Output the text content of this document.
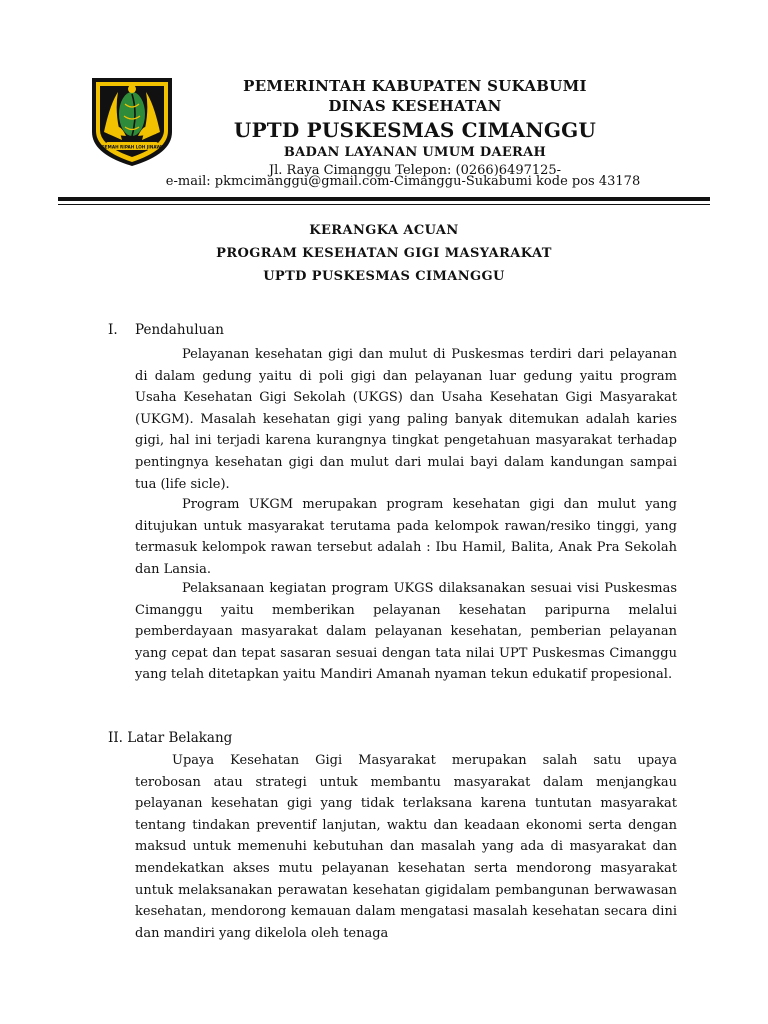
GEMAH RIPAH LOH JINAWI
PEMERINTAH KABUPATEN SUKABUMI
DINAS KESEHATAN
UPTD PUSKESMAS CIMANGGU
BADAN LAYANAN UMUM DAERAH
Jl. Raya Cimanggu Telepon: (0266)6497125-
e-mail: pkmcimanggu@gmail.com-Cimanggu-Sukabumi kode pos 43178
KERANGKA ACUAN
PROGRAM KESEHATAN GIGI MASYARAKAT
UPTD PUSKESMAS CIMANGGU
I. Pendahuluan

Pelayanan kesehatan gigi dan mulut di Puskesmas terdiri dari pelayanan di dalam gedung yaitu di poli gigi dan pelayanan luar gedung yaitu program Usaha Kesehatan Gigi Sekolah (UKGS) dan Usaha Kesehatan Gigi Masyarakat (UKGM). Masalah kesehatan gigi yang paling banyak ditemukan adalah karies gigi, hal ini terjadi karena kurangnya tingkat pengetahuan masyarakat terhadap pentingnya kesehatan gigi dan mulut dari mulai bayi dalam kandungan sampai tua (life sicle).

Program UKGM merupakan program kesehatan gigi dan mulut yang ditujukan untuk masyarakat terutama pada kelompok rawan/resiko tinggi, yang termasuk kelompok rawan tersebut adalah : Ibu Hamil, Balita, Anak Pra Sekolah dan Lansia.

Pelaksanaan kegiatan program UKGS dilaksanakan sesuai visi Puskesmas Cimanggu yaitu memberikan pelayanan kesehatan paripurna melalui pemberdayaan masyarakat dalam pelayanan kesehatan, pemberian pelayanan yang cepat dan tepat sasaran sesuai dengan tata nilai UPT Puskesmas Cimanggu yang telah ditetapkan yaitu Mandiri Amanah nyaman tekun edukatif propesional.

II. Latar Belakang
Upaya Kesehatan Gigi Masyarakat merupakan salah satu upaya

terobosan atau strategi untuk membantu masyarakat dalam menjangkau pelayanan kesehatan gigi yang tidak terlaksana karena tuntutan masyarakat tentang tindakan preventif lanjutan, waktu dan keadaan ekonomi serta dengan maksud untuk memenuhi kebutuhan dan masalah yang ada di masyarakat dan mendekatkan akses mutu pelayanan kesehatan serta mendorong masyarakat untuk melaksanakan perawatan kesehatan gigidalam pembangunan berwawasan kesehatan, mendorong kemauan dalam mengatasi masalah kesehatan secara dini dan mandiri yang dikelola oleh tenaga
